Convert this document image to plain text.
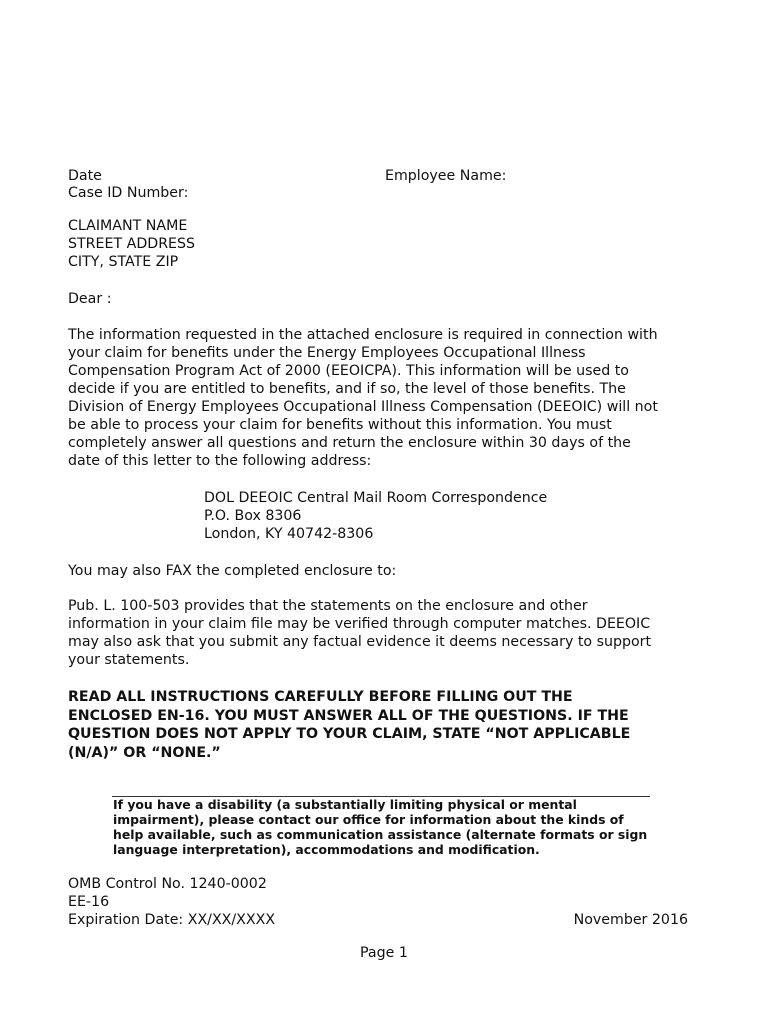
Date	Employee Name:
Case ID Number:
CLAIMANT NAME
STREET ADDRESS
CITY, STATE ZIP
Dear :
The information requested in the attached enclosure is required in connection with
your claim for benefits under the Energy Employees Occupational Illness
Compensation Program Act of 2000 (EEOICPA). This information will be used to
decide if you are entitled to benefits, and if so, the level of those benefits. The
Division of Energy Employees Occupational Illness Compensation (DEEOIC) will not
be able to process your claim for benefits without this information. You must
completely answer all questions and return the enclosure within 30 days of the
date of this letter to the following address:
DOL DEEOIC Central Mail Room Correspondence
P.O. Box 8306
London, KY 40742-8306
You may also FAX the completed enclosure to:
Pub. L. 100-503 provides that the statements on the enclosure and other
information in your claim file may be verified through computer matches. DEEOIC
may also ask that you submit any factual evidence it deems necessary to support
your statements.
READ ALL INSTRUCTIONS CAREFULLY BEFORE FILLING OUT THE
ENCLOSED EN-16. YOU MUST ANSWER ALL OF THE QUESTIONS. IF THE
QUESTION DOES NOT APPLY TO YOUR CLAIM, STATE “NOT APPLICABLE
(N/A)” OR “NONE.”
If you have a disability (a substantially limiting physical or mental
impairment), please contact our office for information about the kinds of
help available, such as communication assistance (alternate formats or sign
language interpretation), accommodations and modification.
OMB Control No. 1240-0002
EE-16
Expiration Date: XX/XX/XXXX	November 2016
Page 1
